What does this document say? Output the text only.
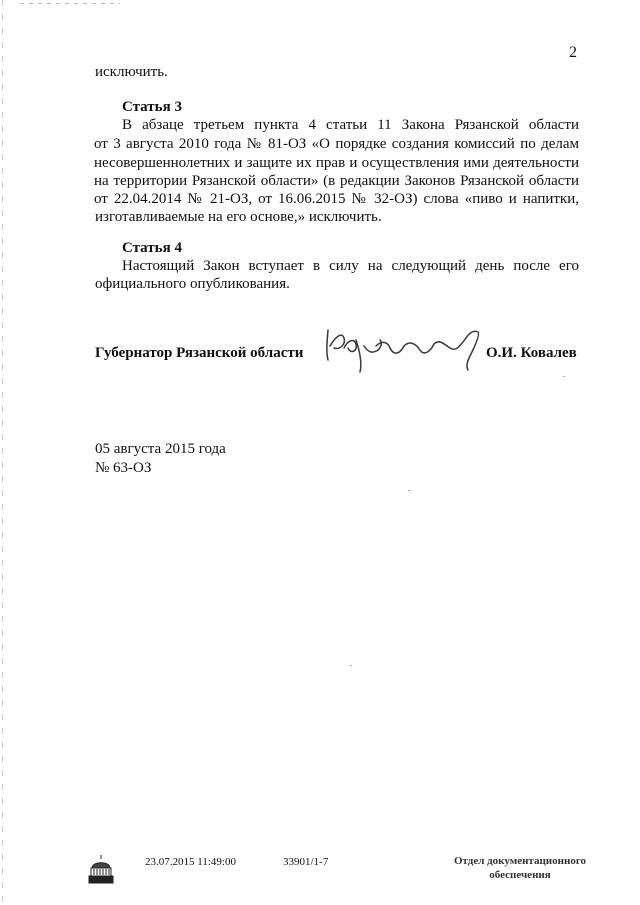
2
исключить.
Статья 3
В абзаце третьем пункта 4 статьи 11 Закона Рязанской области
от 3 августа 2010 года № 81-ОЗ «О порядке создания комиссий по делам
несовершеннолетних и защите их прав и осуществления ими деятельности
на территории Рязанской области» (в редакции Законов Рязанской области
от 22.04.2014 № 21-ОЗ, от 16.06.2015 № 32-ОЗ) слова «пиво и напитки,
изготавливаемые на его основе,» исключить.
Статья 4
Настоящий Закон вступает в силу на следующий день после его
официального опубликования.
Губернатор Рязанской области	О.И. Ковалев
05 августа 2015 года
№ 63-ОЗ
23.07.2015 11:49:00	33901/1-7	Отдел документационного
обеспечения
